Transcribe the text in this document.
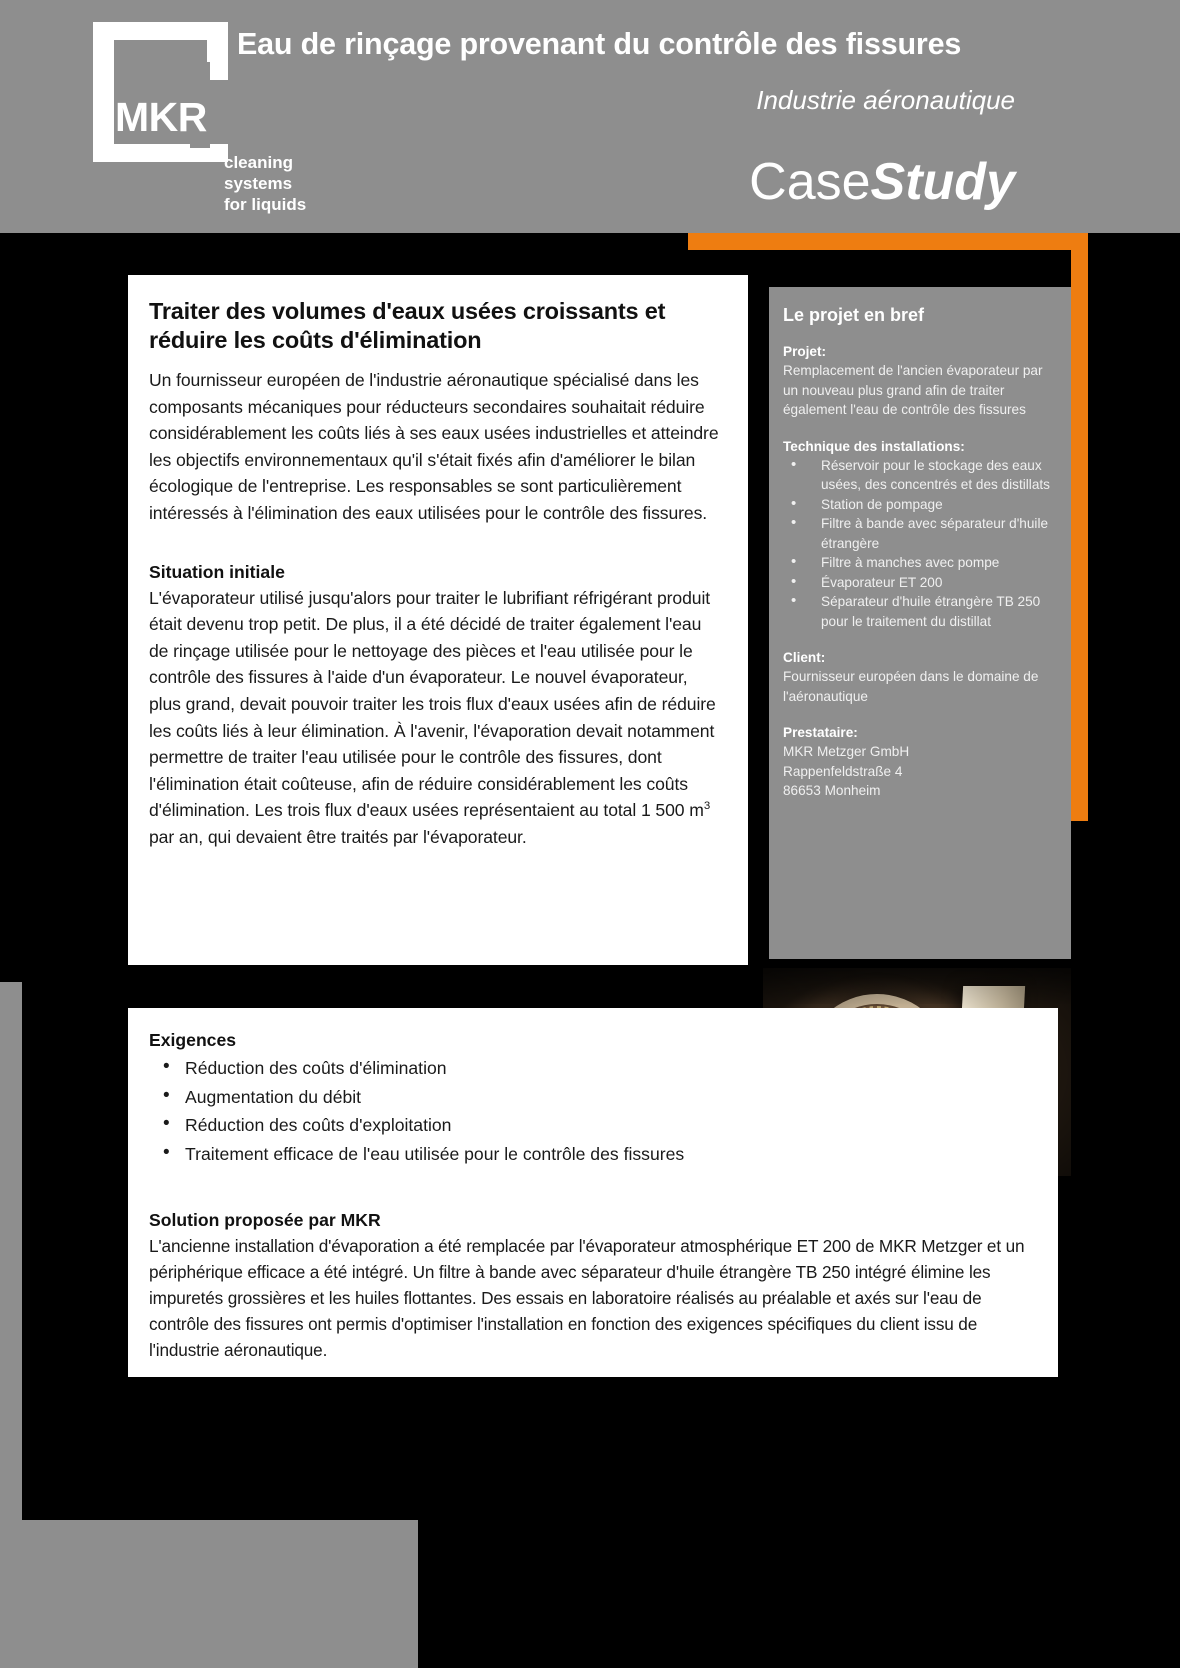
MKR
cleaning
systems
for liquids
Eau de rinçage provenant du contrôle des fissures
Industrie aéronautique
CaseStudy
Traiter des volumes d'eaux usées croissants et réduire les coûts d'élimination

Un fournisseur européen de l'industrie aéronautique spécialisé dans les composants mécaniques pour réducteurs secondaires souhaitait réduire considérablement les coûts liés à ses eaux usées industrielles et atteindre les objectifs environnementaux qu'il s'était fixés afin d'améliorer le bilan écologique de l'entreprise. Les responsables se sont particulièrement intéressés à l'élimination des eaux utilisées pour le contrôle des fissures.

Situation initiale

L'évaporateur utilisé jusqu'alors pour traiter le lubrifiant réfrigérant produit était devenu trop petit. De plus, il a été décidé de traiter également l'eau de rinçage utilisée pour le nettoyage des pièces et l'eau utilisée pour le contrôle des fissures à l'aide d'un évaporateur. Le nouvel évaporateur, plus grand, devait pouvoir traiter les trois flux d'eaux usées afin de réduire les coûts liés à leur élimination. À l'avenir, l'évaporation devait notamment permettre de traiter l'eau utilisée pour le contrôle des fissures, dont l'élimination était coûteuse, afin de réduire considérablement les coûts d'élimination. Les trois flux d'eaux usées représentaient au total 1 500 $m^3$ par an, qui devaient être traités par l'évaporateur.

Le projet en bref
Projet:

Remplacement de l'ancien évaporateur par un nouveau plus grand afin de traiter également l'eau de contrôle des fissures

Technique des installations:
• Réservoir pour le stockage des eaux usées, des concentrés et des distillats
• Station de pompage
• Filtre à bande avec séparateur d'huile étrangère
• Filtre à manches avec pompe
• Évaporateur ET 200
• Séparateur d'huile étrangère TB 250 pour le traitement du distillat
Client:

Fournisseur européen dans le domaine de l'aéronautique

Prestataire:

MKR Metzger GmbH

Rappenfeldstraße 4

86653 Monheim

Exigences
• Réduction des coûts d'élimination
• Augmentation du débit
• Réduction des coûts d'exploitation
• Traitement efficace de l'eau utilisée pour le contrôle des fissures
Solution proposée par MKR

L'ancienne installation d'évaporation a été remplacée par l'évaporateur atmosphérique ET 200 de MKR Metzger et un périphérique efficace a été intégré. Un filtre à bande avec séparateur d'huile étrangère TB 250 intégré élimine les impuretés grossières et les huiles flottantes. Des essais en laboratoire réalisés au préalable et axés sur l'eau de contrôle des fissures ont permis d'optimiser l'installation en fonction des exigences spécifiques du client issu de l'industrie aéronautique.
